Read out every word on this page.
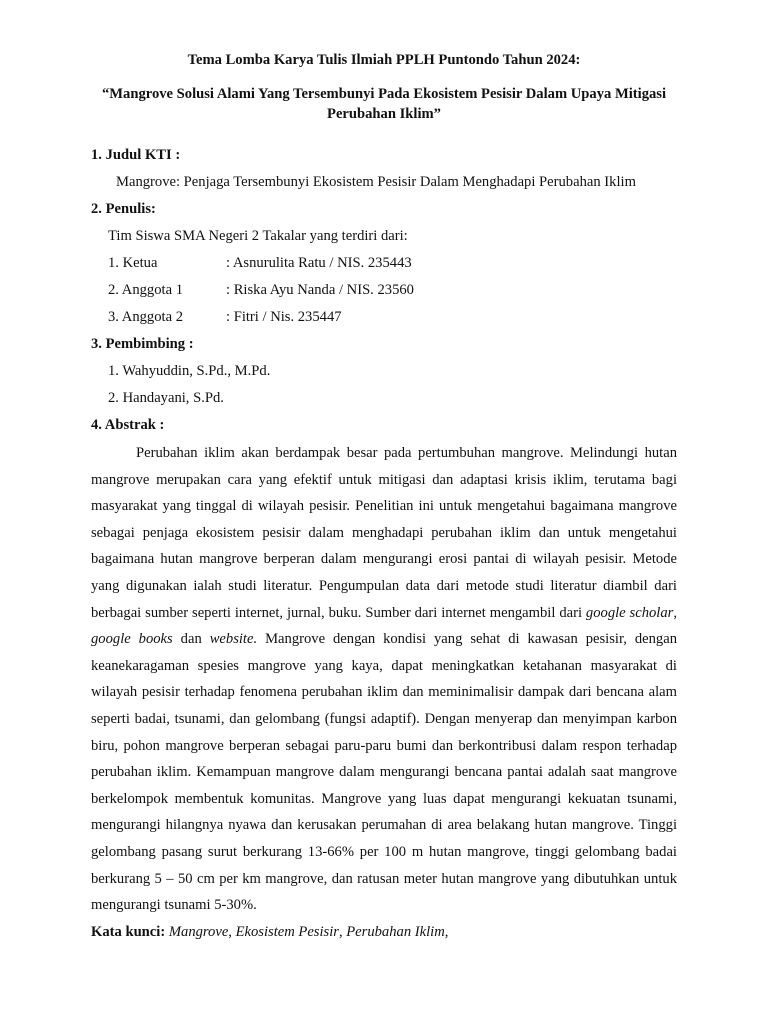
Tema Lomba Karya Tulis Ilmiah PPLH Puntondo Tahun 2024:

“Mangrove Solusi Alami Yang Tersembunyi Pada Ekosistem Pesisir Dalam Upaya Mitigasi Perubahan Iklim”

1. Judul KTI :

Mangrove: Penjaga Tersembunyi Ekosistem Pesisir Dalam Menghadapi Perubahan Iklim

2. Penulis:

Tim Siswa SMA Negeri 2 Takalar yang terdiri dari:

1. Ketua	: Asnurulita Ratu / NIS. 235443
2. Anggota 1	: Riska Ayu Nanda / NIS. 23560
3. Anggota 2	: Fitri / Nis. 235447

3. Pembimbing :

1. Wahyuddin, S.Pd., M.Pd.

2. Handayani, S.Pd.

4. Abstrak :

Perubahan iklim akan berdampak besar pada pertumbuhan mangrove. Melindungi hutan mangrove merupakan cara yang efektif untuk mitigasi dan adaptasi krisis iklim, terutama bagi masyarakat yang tinggal di wilayah pesisir. Penelitian ini untuk mengetahui bagaimana mangrove sebagai penjaga ekosistem pesisir dalam menghadapi perubahan iklim dan untuk mengetahui bagaimana hutan mangrove berperan dalam mengurangi erosi pantai di wilayah pesisir. Metode yang digunakan ialah studi literatur. Pengumpulan data dari metode studi literatur diambil dari berbagai sumber seperti internet, jurnal, buku. Sumber dari internet mengambil dari google scholar, google books dan website. Mangrove dengan kondisi yang sehat di kawasan pesisir, dengan keanekaragaman spesies mangrove yang kaya, dapat meningkatkan ketahanan masyarakat di wilayah pesisir terhadap fenomena perubahan iklim dan meminimalisir dampak dari bencana alam seperti badai, tsunami, dan gelombang (fungsi adaptif). Dengan menyerap dan menyimpan karbon biru, pohon mangrove berperan sebagai paru-paru bumi dan berkontribusi dalam respon terhadap perubahan iklim. Kemampuan mangrove dalam mengurangi bencana pantai adalah saat mangrove berkelompok membentuk komunitas. Mangrove yang luas dapat mengurangi kekuatan tsunami, mengurangi hilangnya nyawa dan kerusakan perumahan di area belakang hutan mangrove. Tinggi gelombang pasang surut berkurang 13-66% per 100 m hutan mangrove, tinggi gelombang badai berkurang 5 – 50 cm per km mangrove, dan ratusan meter hutan mangrove yang dibutuhkan untuk mengurangi tsunami 5-30%.

Kata kunci: Mangrove, Ekosistem Pesisir, Perubahan Iklim,
